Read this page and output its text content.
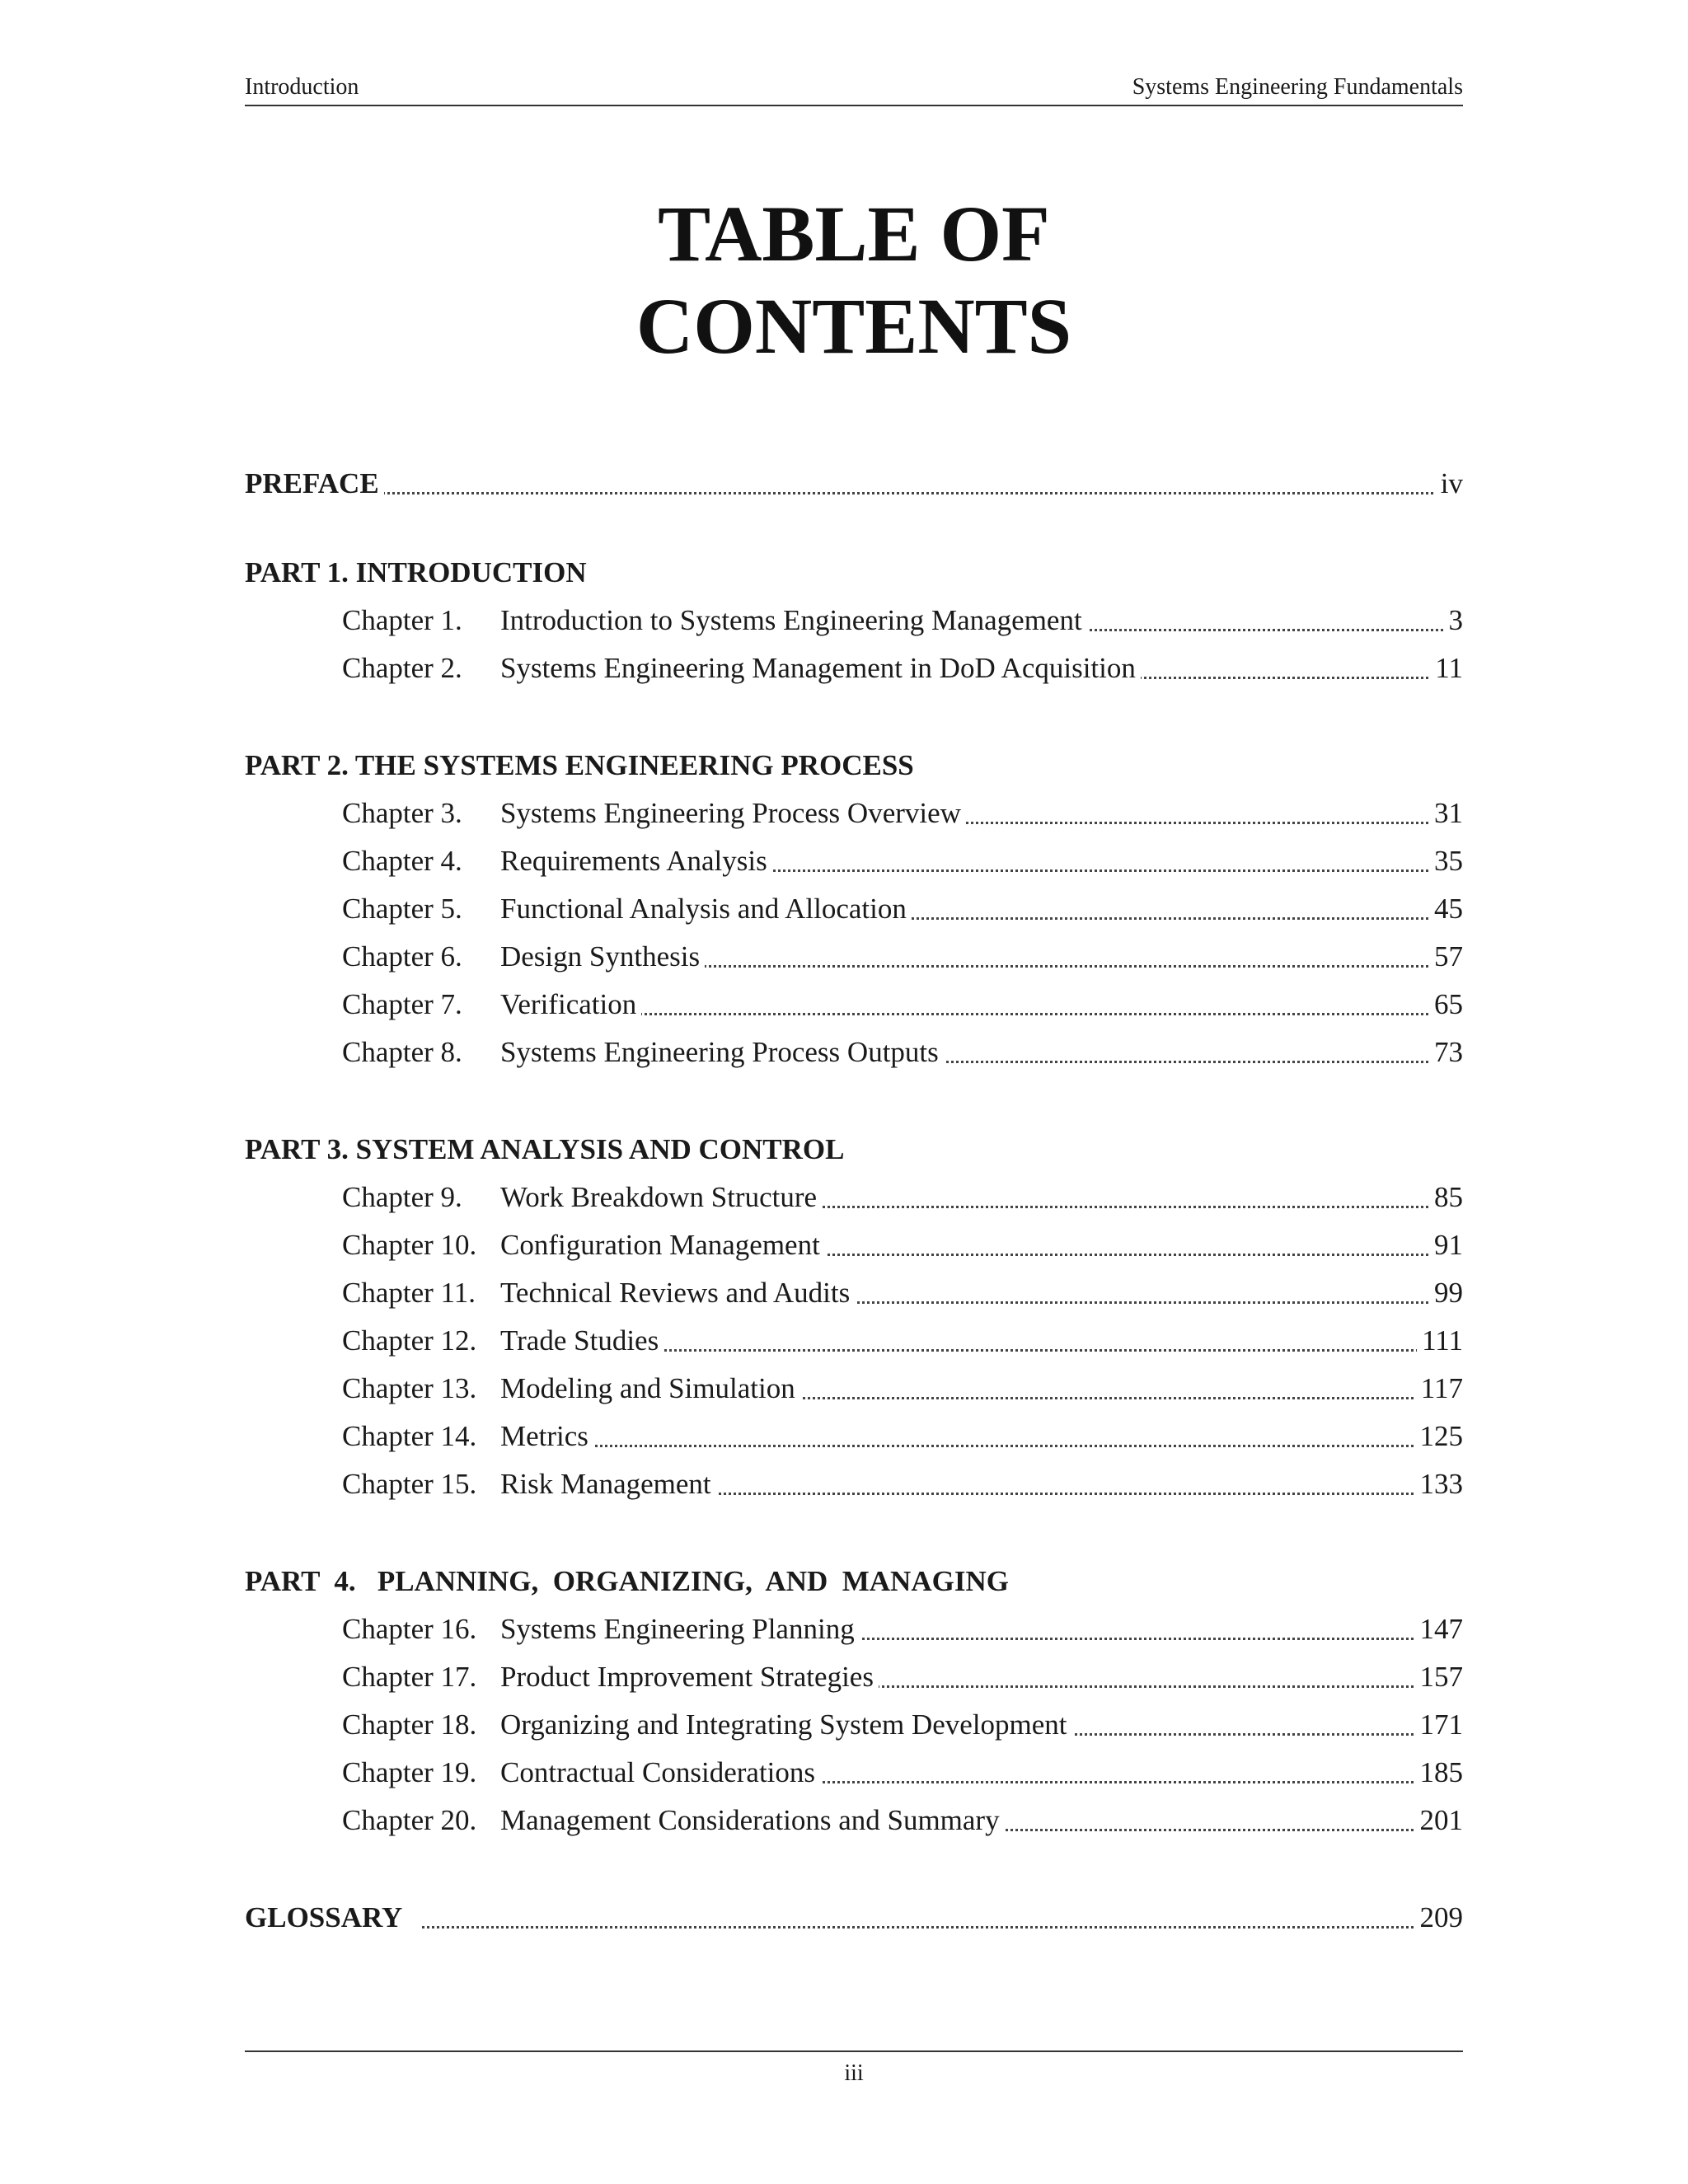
Introduction	Systems Engineering Fundamentals
TABLE OF
CONTENTS
PREFACE	iv
PART 1. INTRODUCTION
Chapter 1. Introduction to Systems Engineering Management	3
Chapter 2. Systems Engineering Management in DoD Acquisition	11
PART 2. THE SYSTEMS ENGINEERING PROCESS
Chapter 3. Systems Engineering Process Overview	31
Chapter 4. Requirements Analysis	35
Chapter 5. Functional Analysis and Allocation	45
Chapter 6. Design Synthesis	57
Chapter 7. Verification	65
Chapter 8. Systems Engineering Process Outputs	73
PART 3. SYSTEM ANALYSIS AND CONTROL
Chapter 9. Work Breakdown Structure	85
Chapter 10. Configuration Management	91
Chapter 11. Technical Reviews and Audits	99
Chapter 12. Trade Studies	111
Chapter 13. Modeling and Simulation	117
Chapter 14. Metrics	125
Chapter 15. Risk Management	133
PART  4.   PLANNING,  ORGANIZING,  AND  MANAGING
Chapter 16. Systems Engineering Planning	147
Chapter 17. Product Improvement Strategies	157
Chapter 18. Organizing and Integrating System Development	171
Chapter 19. Contractual Considerations	185
Chapter 20. Management Considerations and Summary	201
GLOSSARY	209
iii
